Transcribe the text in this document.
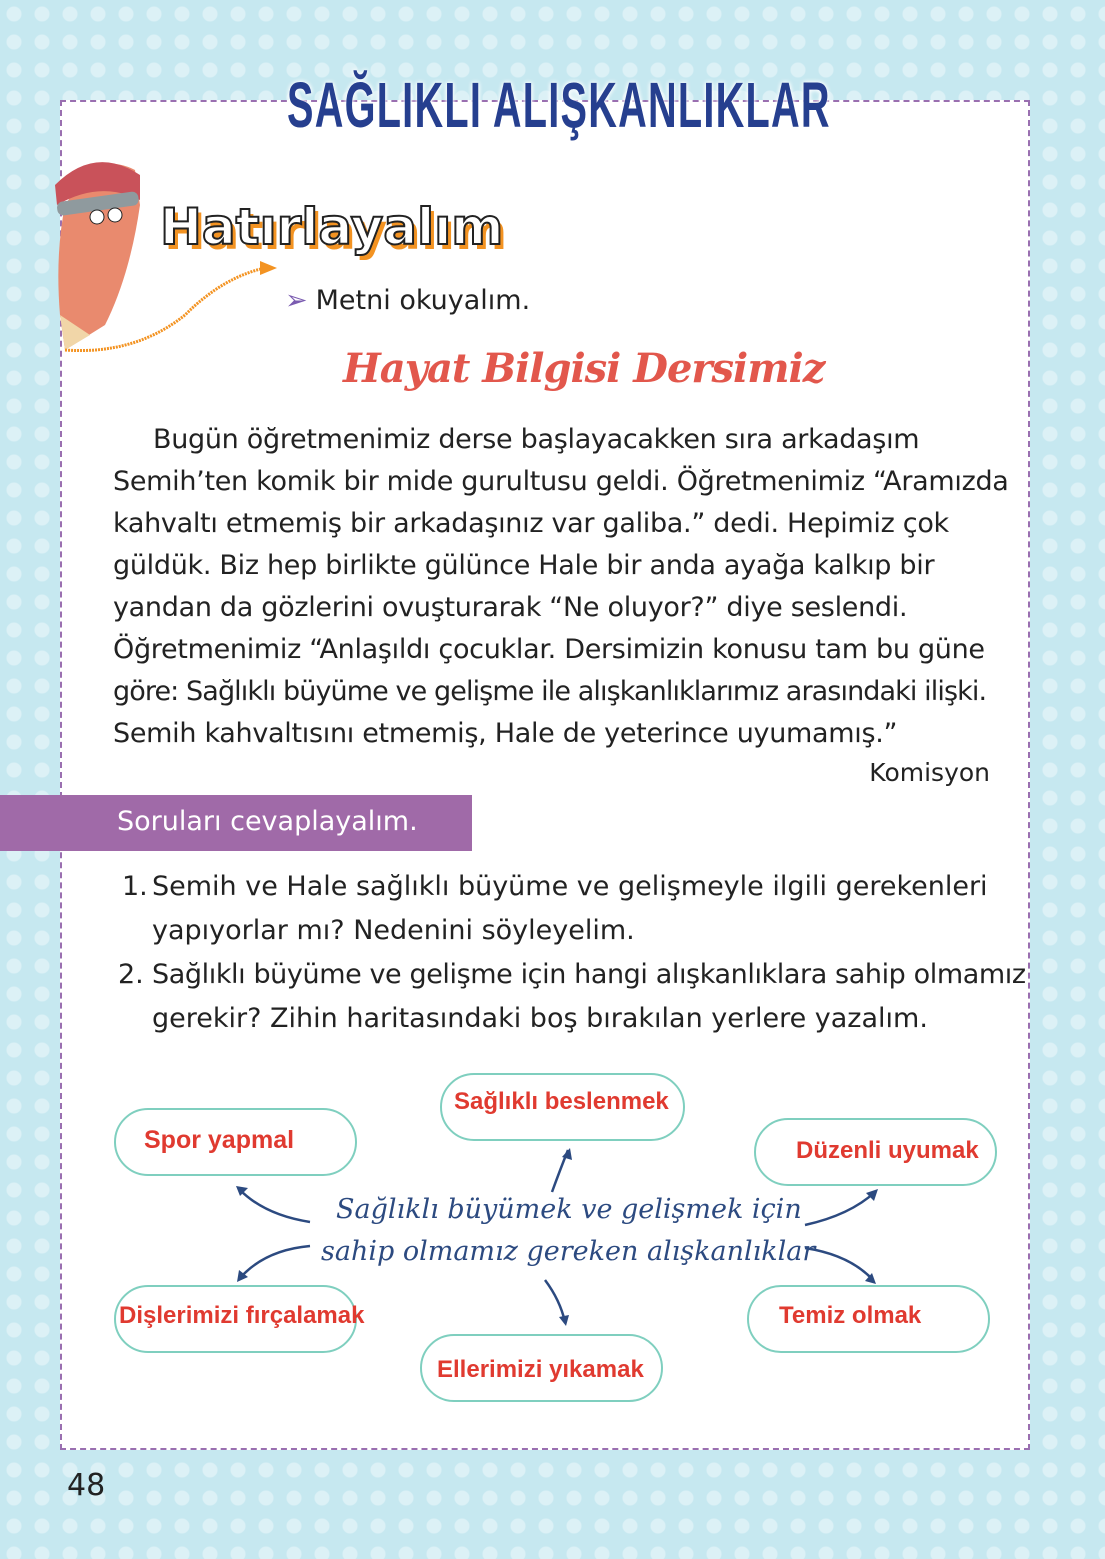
SAĞLIKLI ALIŞKANLIKLAR
Hatırlayalım
➢ Metni okuyalım.
Hayat Bilgisi Dersimiz
Bugün öğretmenimiz derse başlayacakken sıra arkadaşım
Semih’ten komik bir mide gurultusu geldi. Öğretmenimiz “Aramızda
kahvaltı etmemiş bir arkadaşınız var galiba.” dedi. Hepimiz çok
güldük. Biz hep birlikte gülünce Hale bir anda ayağa kalkıp bir
yandan da gözlerini ovuşturarak “Ne oluyor?” diye seslendi.
Öğretmenimiz “Anlaşıldı çocuklar. Dersimizin konusu tam bu güne
göre: Sağlıklı büyüme ve gelişme ile alışkanlıklarımız arasındaki ilişki.
Semih kahvaltısını etmemiş, Hale de yeterince uyumamış.”
Komisyon
Soruları cevaplayalım.
1. Semih ve Hale sağlıklı büyüme ve gelişmeyle ilgili gerekenleri
yapıyorlar mı? Nedenini söyleyelim.
2. Sağlıklı büyüme ve gelişme için hangi alışkanlıklara sahip olmamız
gerekir? Zihin haritasındaki boş bırakılan yerlere yazalım.
Sağlıklı büyümek ve gelişmek için
sahip olmamız gereken alışkanlıklar
Spor yapmal
Sağlıklı beslenmek
Düzenli uyumak
Dişlerimizi fırçalamak
Ellerimizi yıkamak
Temiz olmak
48
